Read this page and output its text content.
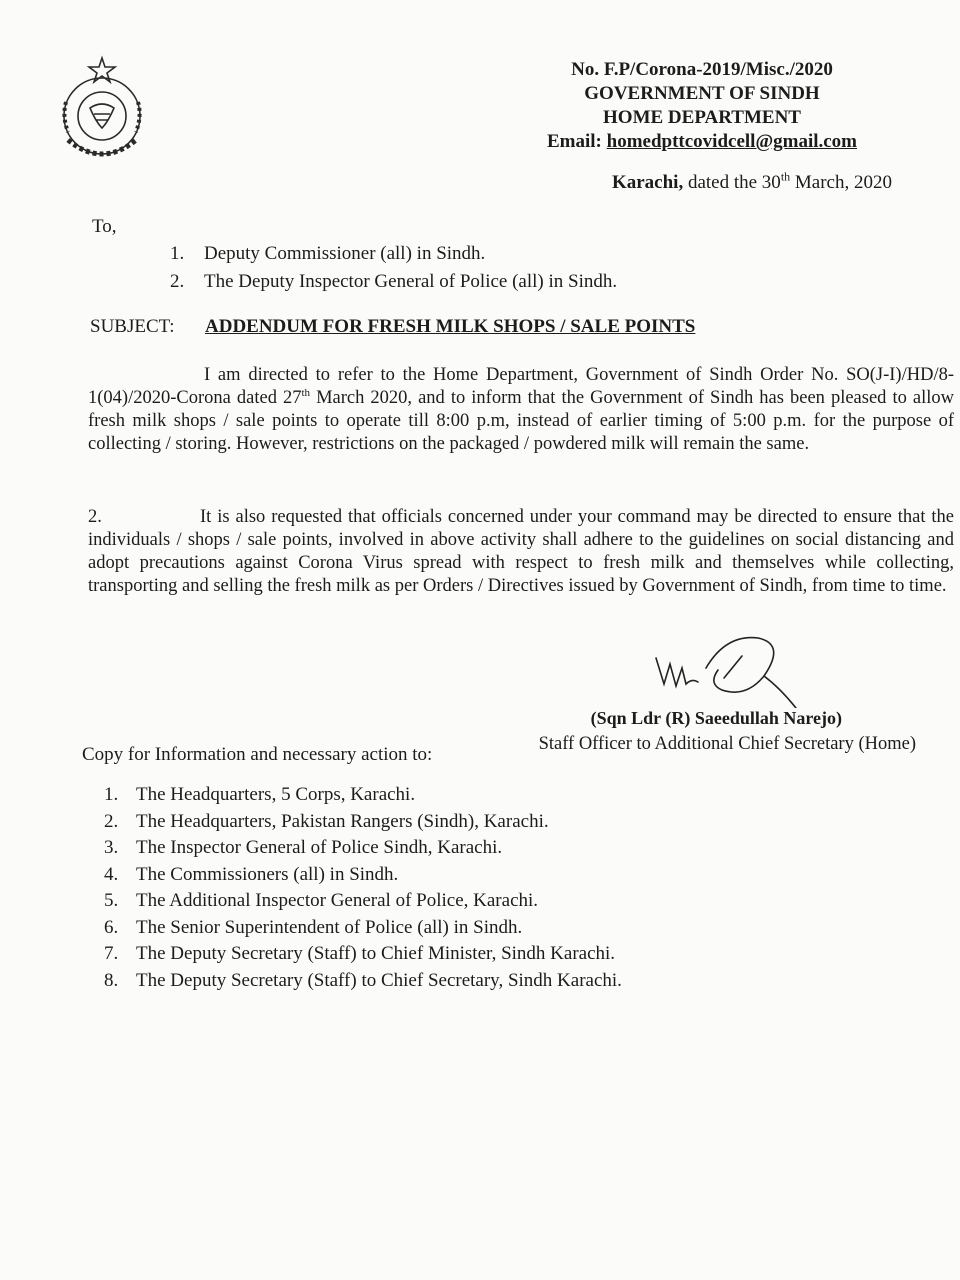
No. F.P/Corona-2019/Misc./2020
GOVERNMENT OF SINDH
HOME DEPARTMENT
Email: homedpttcovidcell@gmail.com
Karachi, dated the 30th March, 2020
To,
1. Deputy Commissioner (all) in Sindh.
2. The Deputy Inspector General of Police (all) in Sindh.
SUBJECT: ADDENDUM FOR FRESH MILK SHOPS / SALE POINTS
I am directed to refer to the Home Department, Government of Sindh Order No. SO(J-I)/HD/8-1(04)/2020-Corona dated 27th March 2020, and to inform that the Government of Sindh has been pleased to allow fresh milk shops / sale points to operate till 8:00 p.m, instead of earlier timing of 5:00 p.m. for the purpose of collecting / storing. However, restrictions on the packaged / powdered milk will remain the same.
2.	It is also requested that officials concerned under your command may be directed to ensure that the individuals / shops / sale points, involved in above activity shall adhere to the guidelines on social distancing and adopt precautions against Corona Virus spread with respect to fresh milk and themselves while collecting, transporting and selling the fresh milk as per Orders / Directives issued by Government of Sindh, from time to time.
(Sqn Ldr (R) Saeedullah Narejo)
Staff Officer to Additional Chief Secretary (Home)
Copy for Information and necessary action to:
1. The Headquarters, 5 Corps, Karachi.
2. The Headquarters, Pakistan Rangers (Sindh), Karachi.
3. The Inspector General of Police Sindh, Karachi.
4. The Commissioners (all) in Sindh.
5. The Additional Inspector General of Police, Karachi.
6. The Senior Superintendent of Police (all) in Sindh.
7. The Deputy Secretary (Staff) to Chief Minister, Sindh Karachi.
8. The Deputy Secretary (Staff) to Chief Secretary, Sindh Karachi.
